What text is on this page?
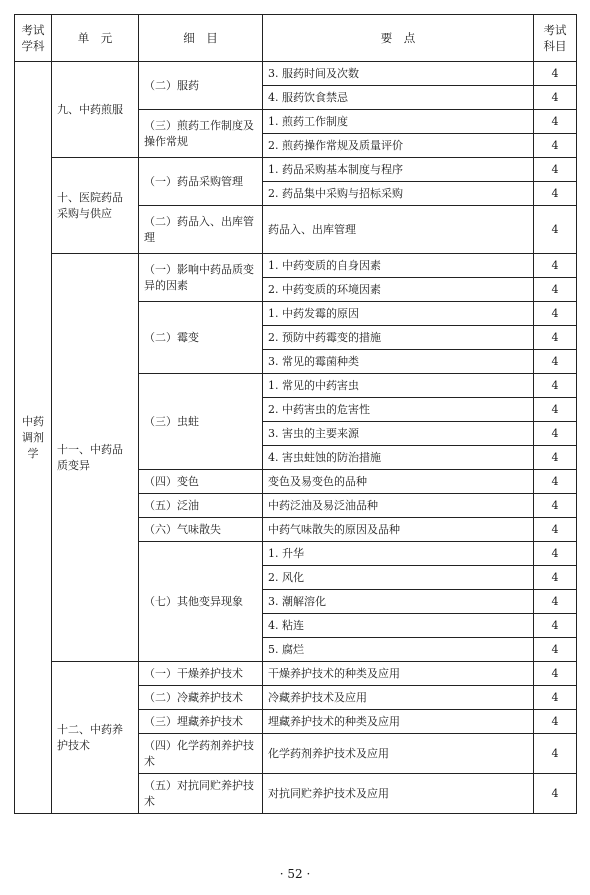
考试学科	单　元	细　目	要　点	考试科目
中药调剂学	九、中药煎服	（二）服药	3. 服药时间及次数	4
			4. 服药饮食禁忌	4
		（三）煎药工作制度及操作常规	1. 煎药工作制度	4
			2. 煎药操作常规及质量评价	4
	十、医院药品采购与供应	（一）药品采购管理	1. 药品采购基本制度与程序	4
			2. 药品集中采购与招标采购	4
		（二）药品入、出库管理	药品入、出库管理	4
	十一、中药品质变异	（一）影响中药品质变异的因素	1. 中药变质的自身因素	4
			2. 中药变质的环境因素	4
		（二）霉变	1. 中药发霉的原因	4
			2. 预防中药霉变的措施	4
			3. 常见的霉菌种类	4
		（三）虫蛀	1. 常见的中药害虫	4
			2. 中药害虫的危害性	4
			3. 害虫的主要来源	4
			4. 害虫蛀蚀的防治措施	4
		（四）变色	变色及易变色的品种	4
		（五）泛油	中药泛油及易泛油品种	4
		（六）气味散失	中药气味散失的原因及品种	4
		（七）其他变异现象	1. 升华	4
			2. 风化	4
			3. 潮解溶化	4
			4. 粘连	4
			5. 腐烂	4
	十二、中药养护技术	（一）干燥养护技术	干燥养护技术的种类及应用	4
		（二）冷藏养护技术	冷藏养护技术及应用	4
		（三）埋藏养护技术	埋藏养护技术的种类及应用	4
		（四）化学药剂养护技术	化学药剂养护技术及应用	4
		（五）对抗同贮养护技术	对抗同贮养护技术及应用	4
· 52 ·
